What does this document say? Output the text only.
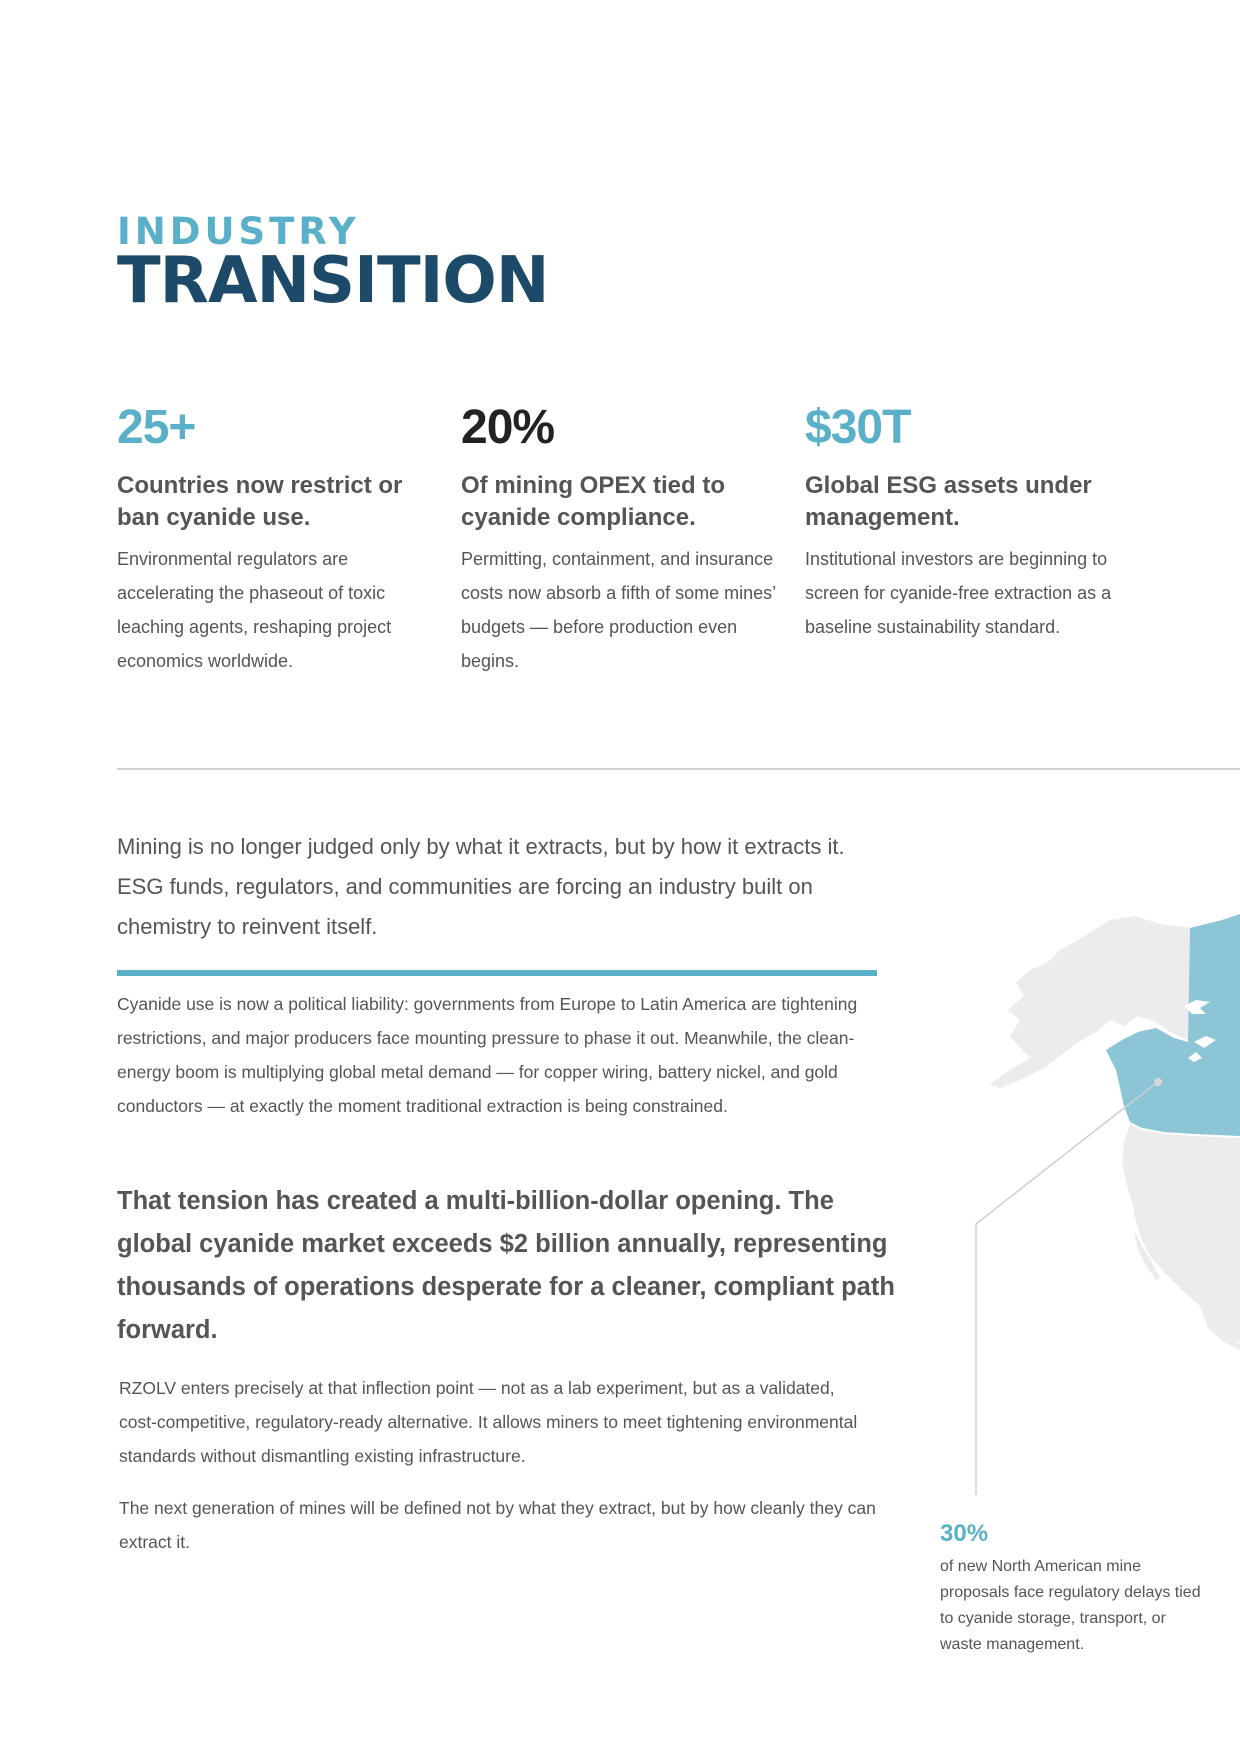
INDUSTRY
TRANSITION
25+
Countries now restrict or ban cyanide use.
Environmental regulators are accelerating the phaseout of toxic leaching agents, reshaping project economics worldwide.
20%
Of mining OPEX tied to cyanide compliance.
Permitting, containment, and insurance costs now absorb a fifth of some mines’ budgets — before production even begins.
$30T
Global ESG assets under management.
Institutional investors are beginning to screen for cyanide-free extraction as a baseline sustainability standard.
Mining is no longer judged only by what it extracts, but by how it extracts it. ESG funds, regulators, and communities are forcing an industry built on chemistry to reinvent itself.
Cyanide use is now a political liability: governments from Europe to Latin America are tightening restrictions, and major producers face mounting pressure to phase it out. Meanwhile, the clean-energy boom is multiplying global metal demand — for copper wiring, battery nickel, and gold conductors — at exactly the moment traditional extraction is being constrained.
That tension has created a multi-billion-dollar opening. The global cyanide market exceeds $2 billion annually, representing thousands of operations desperate for a cleaner, compliant path forward.
RZOLV enters precisely at that inflection point — not as a lab experiment, but as a validated, cost-competitive, regulatory-ready alternative. It allows miners to meet tightening environmental standards without dismantling existing infrastructure.
The next generation of mines will be defined not by what they extract, but by how cleanly they can extract it.	30%
of new North American mine proposals face regulatory delays tied to cyanide storage, transport, or waste management.
